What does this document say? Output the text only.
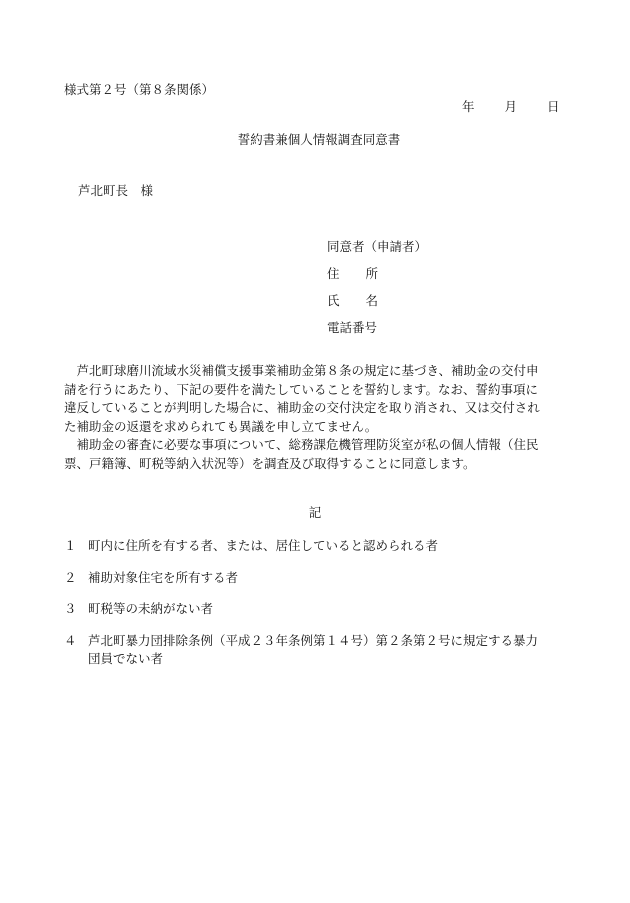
様式第２号（第８条関係）
年 月 日
誓約書兼個人情報調査同意書
芦北町長　様
同意者（申請者）
住 所
氏 名
電話番号

　芦北町球磨川流域水災補償支援事業補助金第８条の規定に基づき、補助金の交付申

請を行うにあたり、下記の要件を満たしていることを誓約します。なお、誓約事項に

違反していることが判明した場合に、補助金の交付決定を取り消され、又は交付され

た補助金の返還を求められても異議を申し立てません。

　補助金の審査に必要な事項について、総務課危機管理防災室が私の個人情報（住民

票、戸籍簿、町税等納入状況等）を調査及び取得することに同意します。

記
１ 町内に住所を有する者、または、居住していると認められる者
２ 補助対象住宅を所有する者
３ 町税等の未納がない者
４ 芦北町暴力団排除条例（平成２３年条例第１４号）第２条第２号に規定する暴力
団員でない者
